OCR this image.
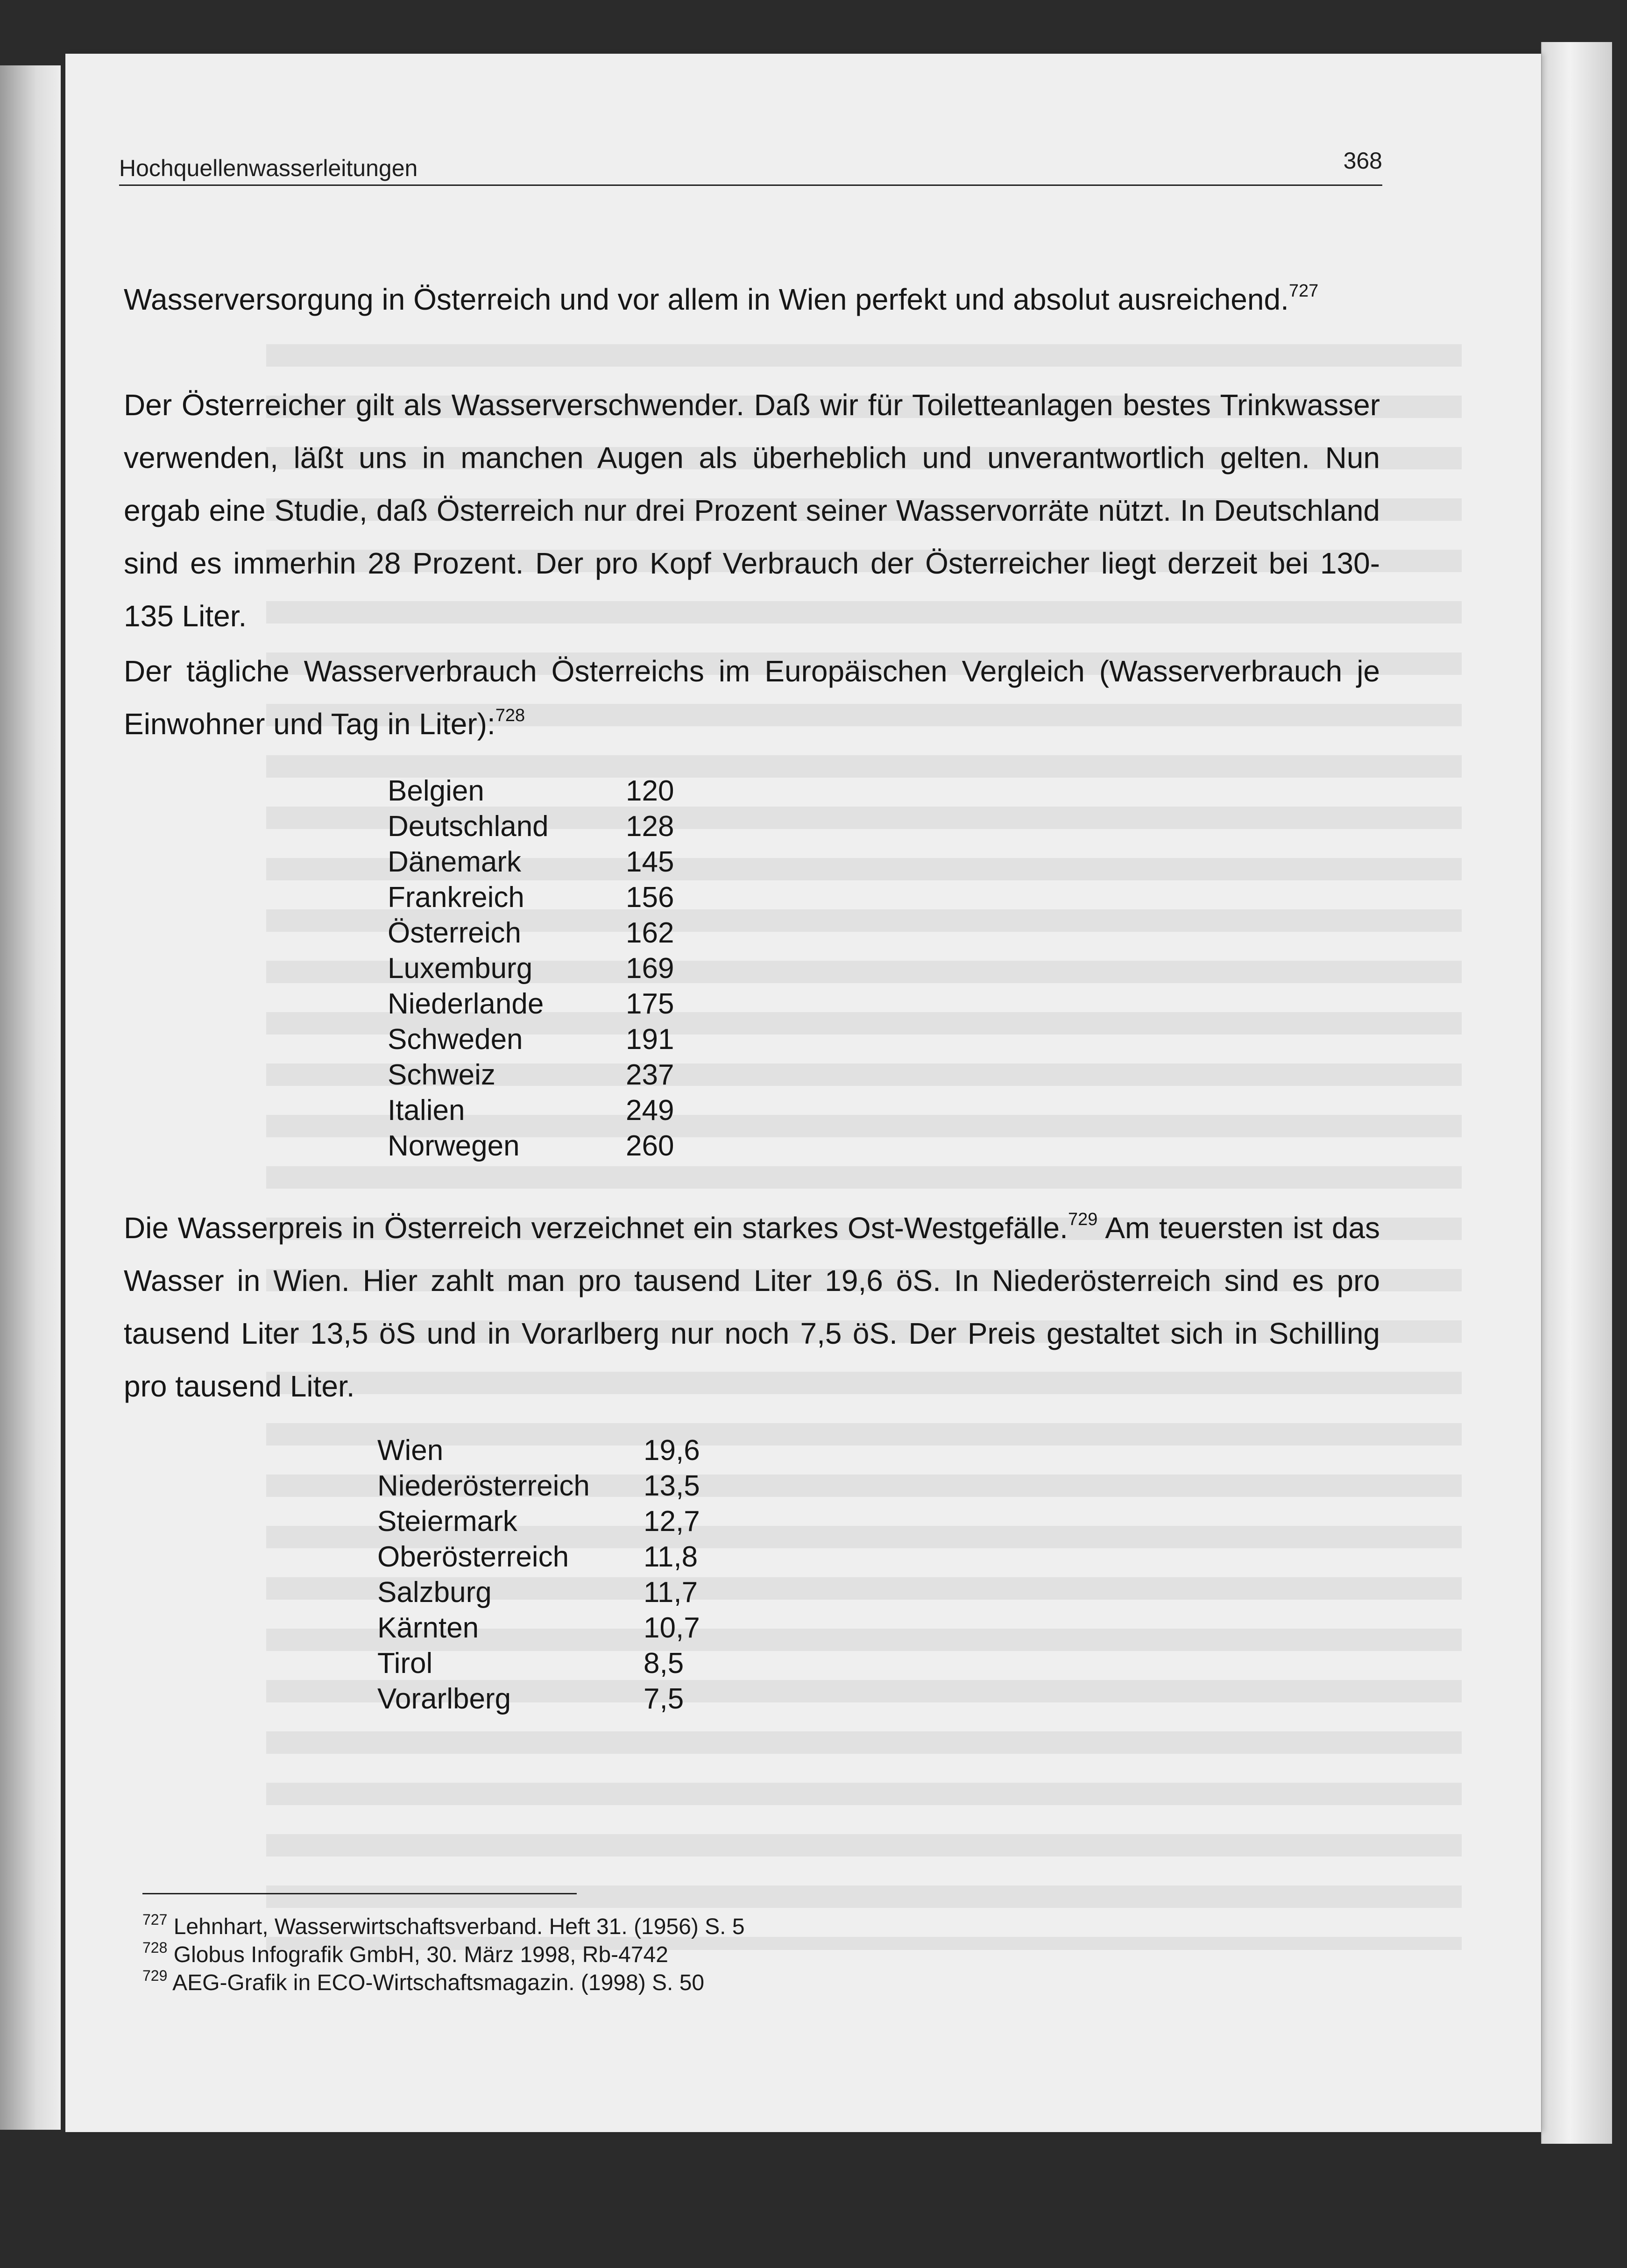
Hochquellenwasserleitungen	368

Wasserversorgung in Österreich und vor allem in Wien perfekt und absolut ausreichend.$^{727}$

Der Österreicher gilt als Wasserverschwender. Daß wir für Toiletteanlagen bestes Trinkwasser verwenden, läßt uns in manchen Augen als überheblich und unverantwortlich gelten. Nun ergab eine Studie, daß Österreich nur drei Prozent seiner Wasservorräte nützt. In Deutschland sind es immerhin 28 Prozent. Der pro Kopf Verbrauch der Österreicher liegt derzeit bei 130-135 Liter.

Der tägliche Wasserverbrauch Österreichs im Europäischen Vergleich (Wasserverbrauch je Einwohner und Tag in Liter):$^{728}$

Belgien	120
Deutschland	128
Dänemark	145
Frankreich	156
Österreich	162
Luxemburg	169
Niederlande	175
Schweden	191
Schweiz	237
Italien	249
Norwegen	260

Die Wasserpreis in Österreich verzeichnet ein starkes Ost-Westgefälle.$^{729}$ Am teuersten ist das Wasser in Wien. Hier zahlt man pro tausend Liter 19,6 öS. In Niederösterreich sind es pro tausend Liter 13,5 öS und in Vorarlberg nur noch 7,5 öS. Der Preis gestaltet sich in Schilling pro tausend Liter.

Wien	19,6
Niederösterreich 13,5
Steiermark	12,7
Oberösterreich	11,8
Salzburg	11,7
Kärnten	10,7
Tirol	8,5
Vorarlberg	7,5
$^{727}$ Lehnhart, Wasserwirtschaftsverband. Heft 31. (1956) S. 5
$^{728}$ Globus Infografik GmbH, 30. März 1998, Rb-4742
$^{729}$ AEG-Grafik in ECO-Wirtschaftsmagazin. (1998) S. 50
